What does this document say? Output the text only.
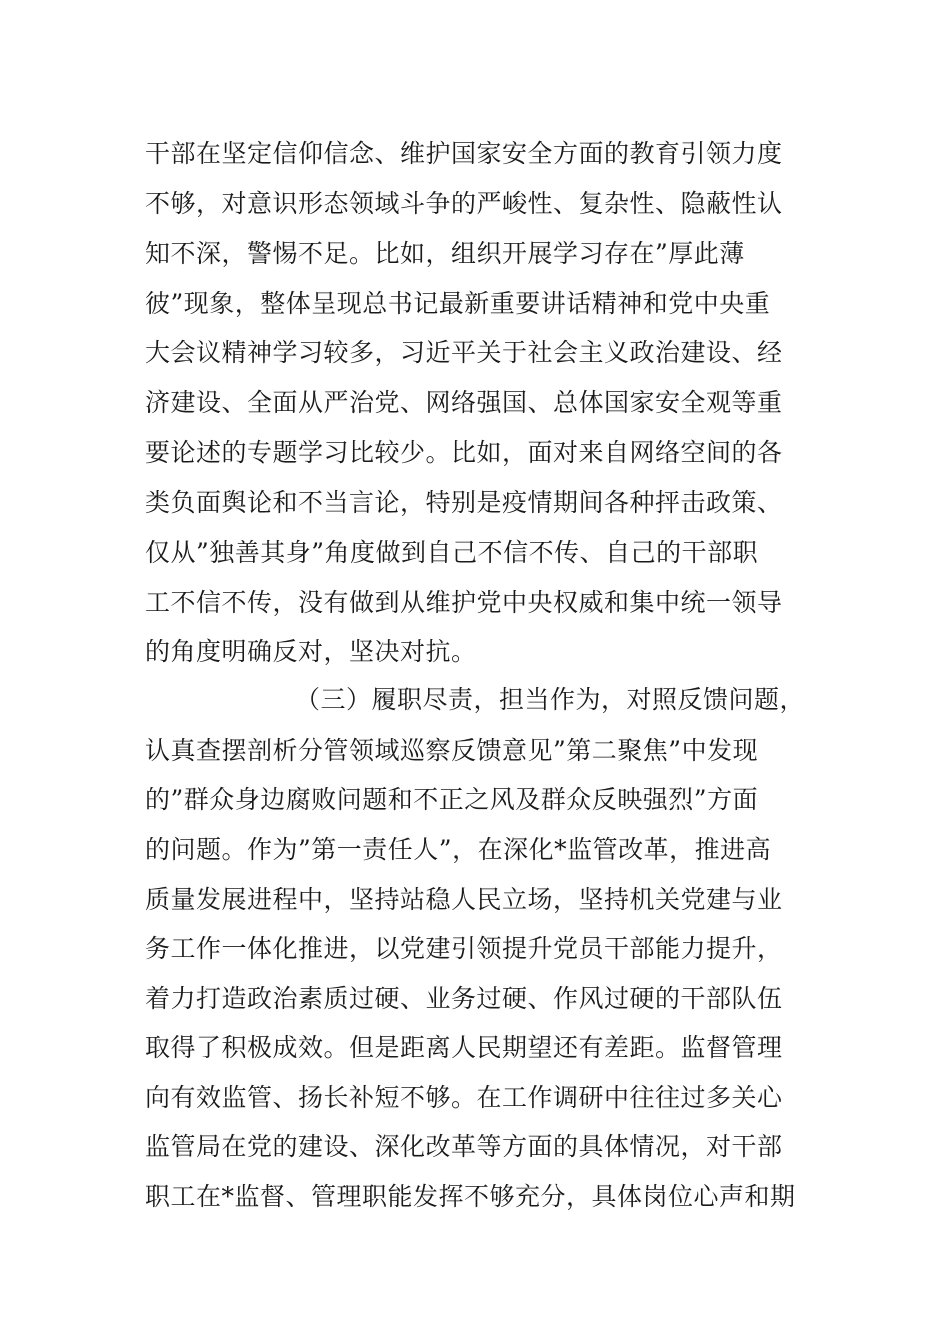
干部在坚定信仰信念、维护国家安全方面的教育引领力度
不够，对意识形态领域斗争的严峻性、复杂性、隐蔽性认
知不深，警惕不足。比如，组织开展学习存在”厚此薄
彼”现象，整体呈现总书记最新重要讲话精神和党中央重
大会议精神学习较多，习近平关于社会主义政治建设、经
济建设、全面从严治党、网络强国、总体国家安全观等重
要论述的专题学习比较少。比如，面对来自网络空间的各
类负面舆论和不当言论，特别是疫情期间各种抨击政策、
仅从”独善其身”角度做到自己不信不传、自己的干部职
工不信不传，没有做到从维护党中央权威和集中统一领导
的角度明确反对，坚决对抗。
（三）履职尽责，担当作为，对照反馈问题，
认真查摆剖析分管领域巡察反馈意见”第二聚焦”中发现
的”群众身边腐败问题和不正之风及群众反映强烈”方面
的问题。作为”第一责任人”，在深化*监管改革，推进高
质量发展进程中，坚持站稳人民立场，坚持机关党建与业
务工作一体化推进，以党建引领提升党员干部能力提升，
着力打造政治素质过硬、业务过硬、作风过硬的干部队伍
取得了积极成效。但是距离人民期望还有差距。监督管理
向有效监管、扬长补短不够。在工作调研中往往过多关心
监管局在党的建设、深化改革等方面的具体情况，对干部
职工在*监督、管理职能发挥不够充分，具体岗位心声和期
